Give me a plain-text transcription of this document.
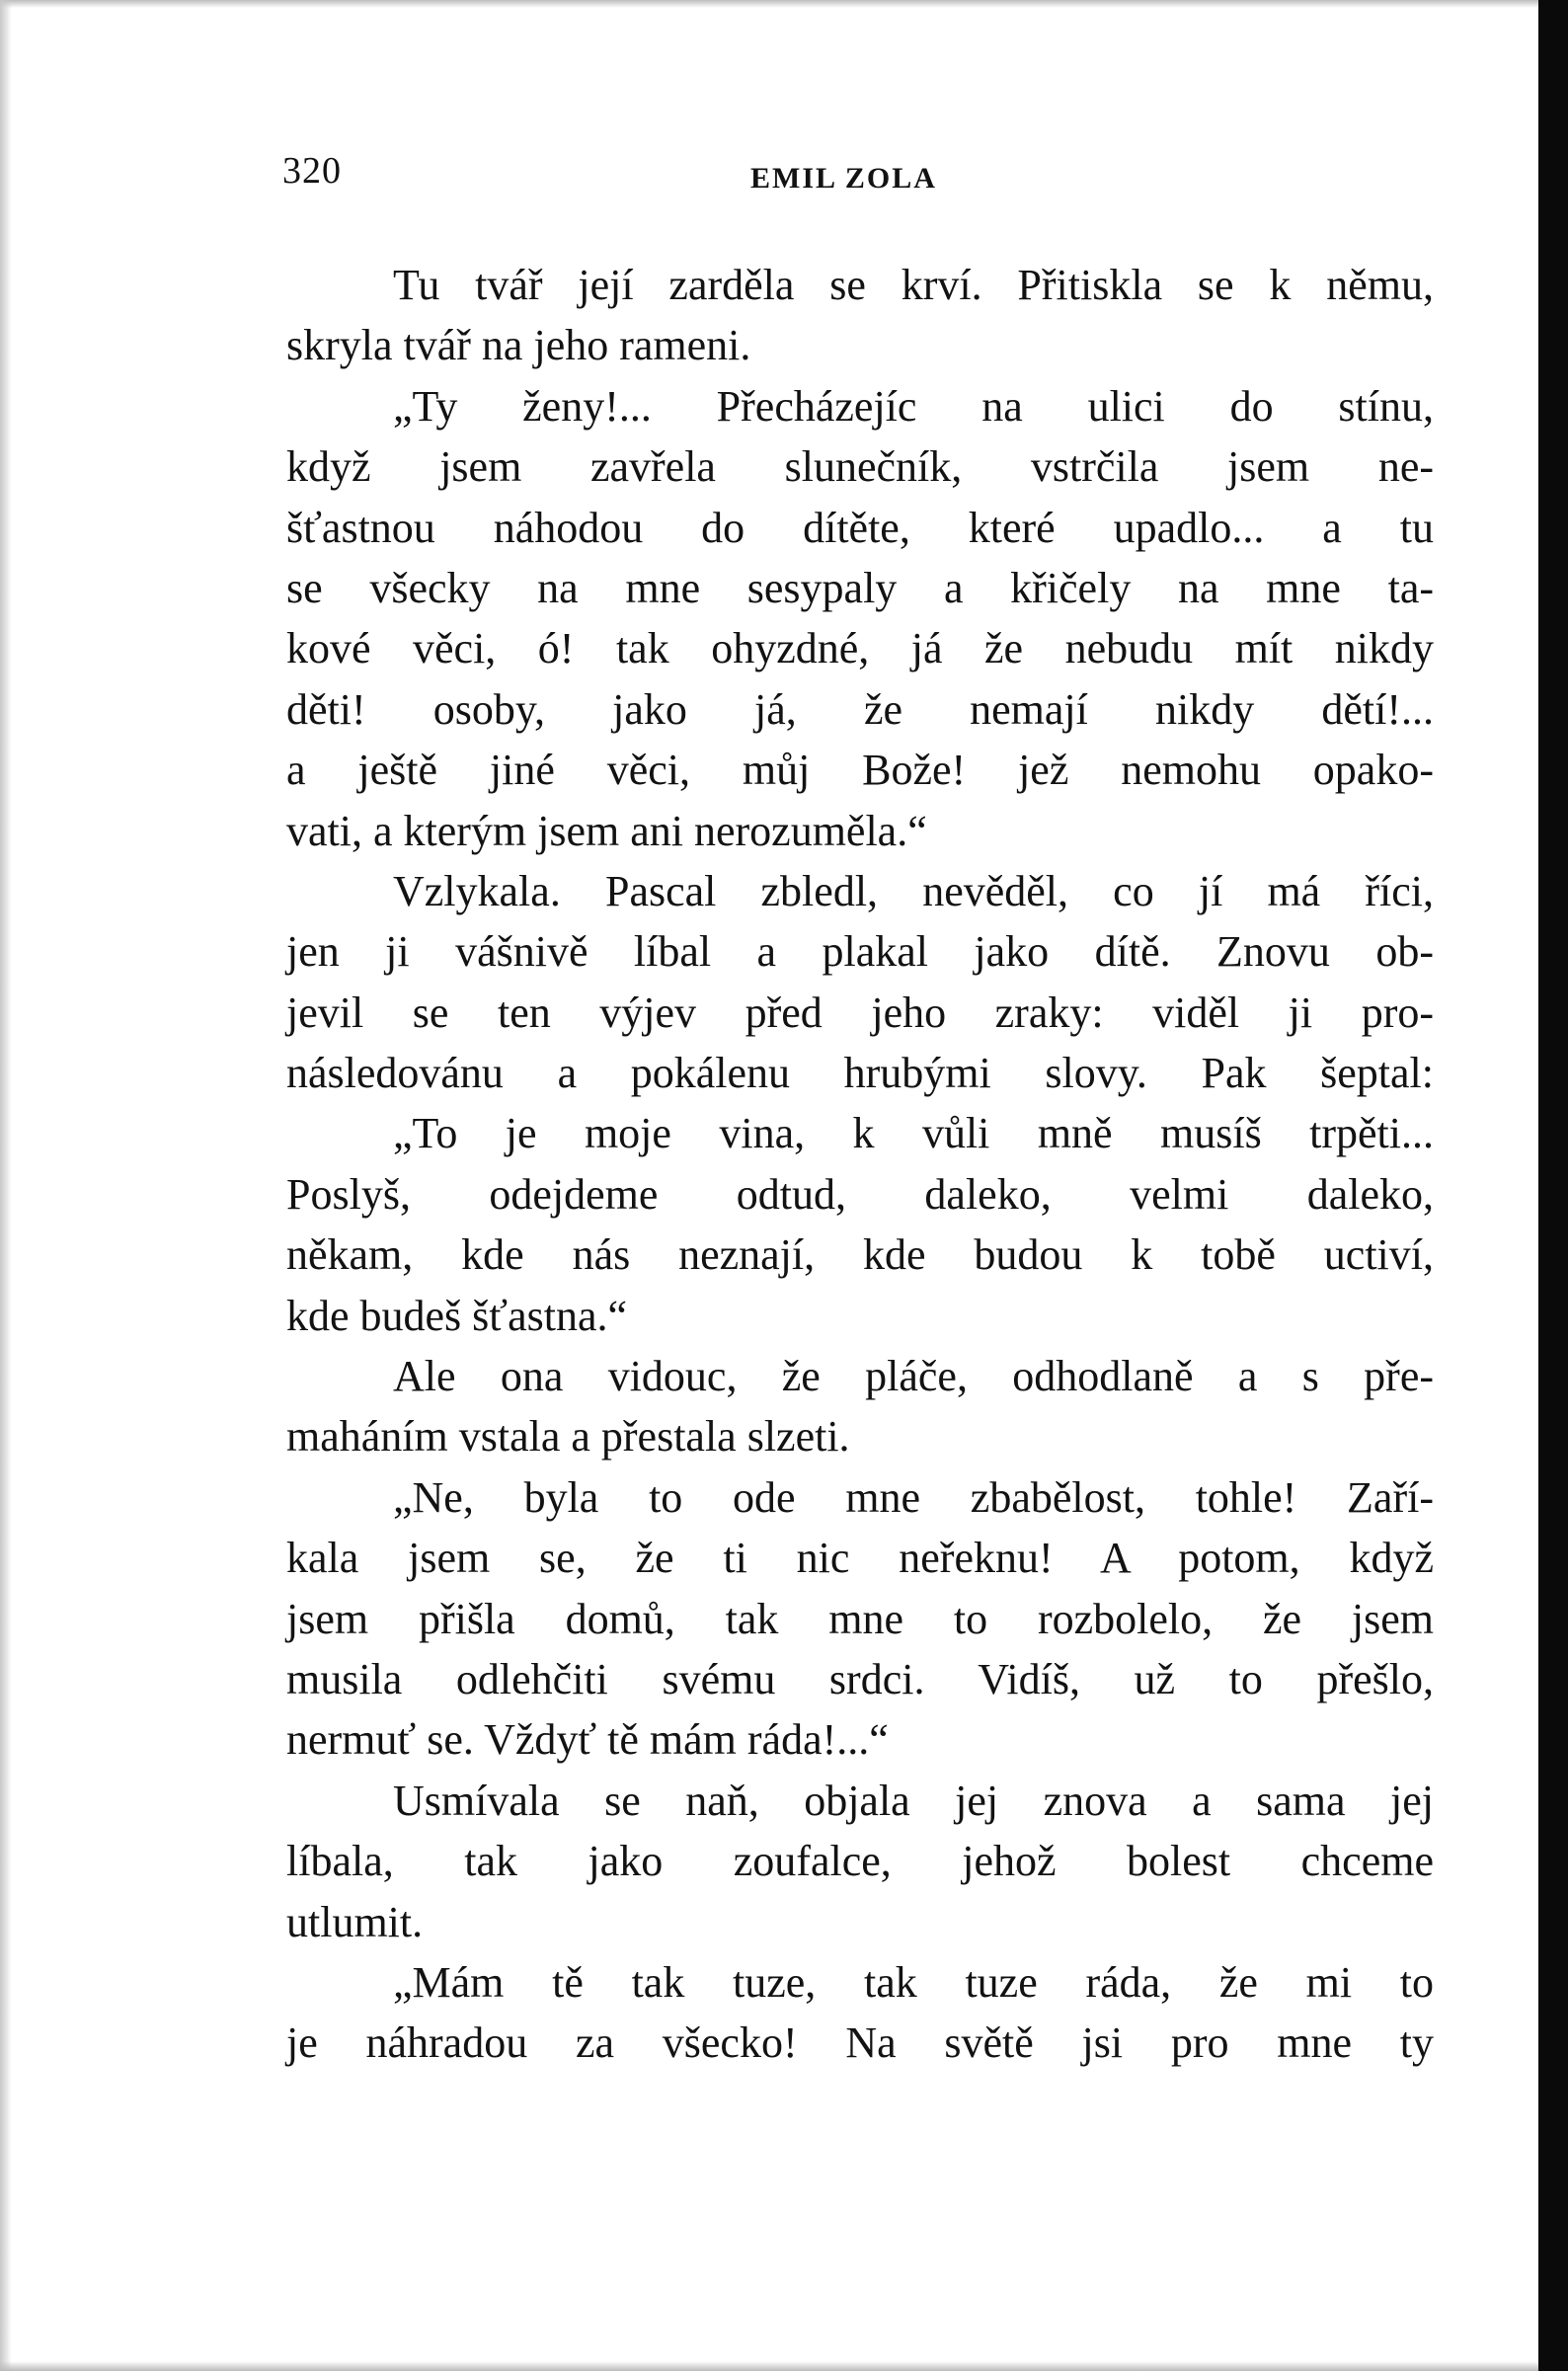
320	EMIL ZOLA
Tu tvář její zarděla se krví. Přitiskla se k němu,
skryla tvář na jeho rameni.
„Ty ženy!... Přecházejíc na ulici do stínu,
když jsem zavřela slunečník, vstrčila jsem ne-
šťastnou náhodou do dítěte, které upadlo... a tu
se všecky na mne sesypaly a křičely na mne ta-
kové věci, ó! tak ohyzdné, já že nebudu mít nikdy
děti! osoby, jako já, že nemají nikdy dětí!...
a ještě jiné věci, můj Bože! jež nemohu opako-
vati, a kterým jsem ani nerozuměla.“
Vzlykala. Pascal zbledl, nevěděl, co jí má říci,
jen ji vášnivě líbal a plakal jako dítě. Znovu ob-
jevil se ten výjev před jeho zraky: viděl ji pro-
následovánu a pokálenu hrubými slovy. Pak šeptal:
„To je moje vina, k vůli mně musíš trpěti...
Poslyš, odejdeme odtud, daleko, velmi daleko,
někam, kde nás neznají, kde budou k tobě uctiví,
kde budeš šťastna.“
Ale ona vidouc, že pláče, odhodlaně a s pře-
maháním vstala a přestala slzeti.
„Ne, byla to ode mne zbabělost, tohle! Zaří-
kala jsem se, že ti nic neřeknu! A potom, když
jsem přišla domů, tak mne to rozbolelo, že jsem
musila odlehčiti svému srdci. Vidíš, už to přešlo,
nermuť se. Vždyť tě mám ráda!...“
Usmívala se naň, objala jej znova a sama jej
líbala, tak jako zoufalce, jehož bolest chceme
utlumit.
„Mám tě tak tuze, tak tuze ráda, že mi to
je náhradou za všecko! Na světě jsi pro mne ty
